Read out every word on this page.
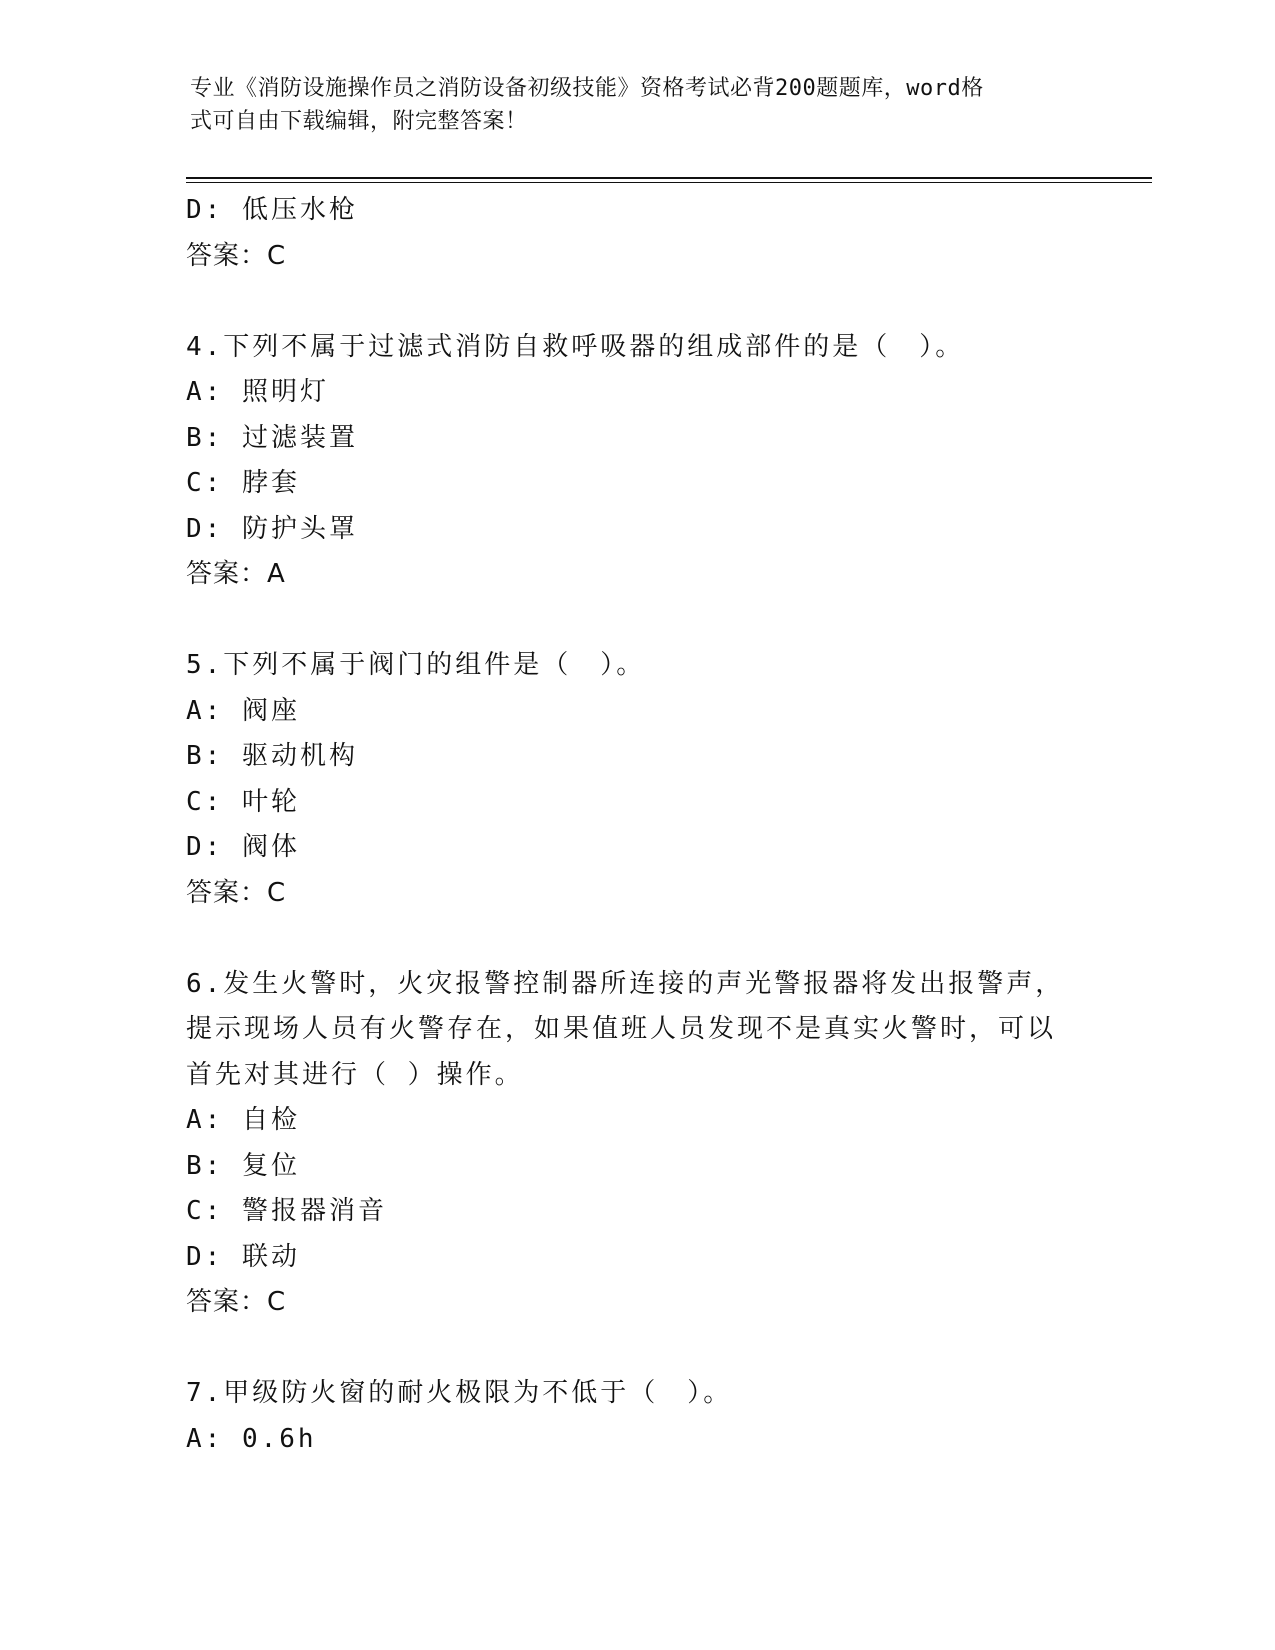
专业《消防设施操作员之消防设备初级技能》资格考试必背200题题库，word格
式可自由下载编辑，附完整答案！
D: 低压水枪
答案：C
4.下列不属于过滤式消防自救呼吸器的组成部件的是（　）。
A: 照明灯
B: 过滤装置
C: 脖套
D: 防护头罩
答案：A
5.下列不属于阀门的组件是（　）。
A: 阀座
B: 驱动机构
C: 叶轮
D: 阀体
答案：C
6.发生火警时，火灾报警控制器所连接的声光警报器将发出报警声，
提示现场人员有火警存在，如果值班人员发现不是真实火警时，可以
首先对其进行（ ）操作。
A: 自检
B: 复位
C: 警报器消音
D: 联动
答案：C
7.甲级防火窗的耐火极限为不低于（　）。
A: 0.6h
